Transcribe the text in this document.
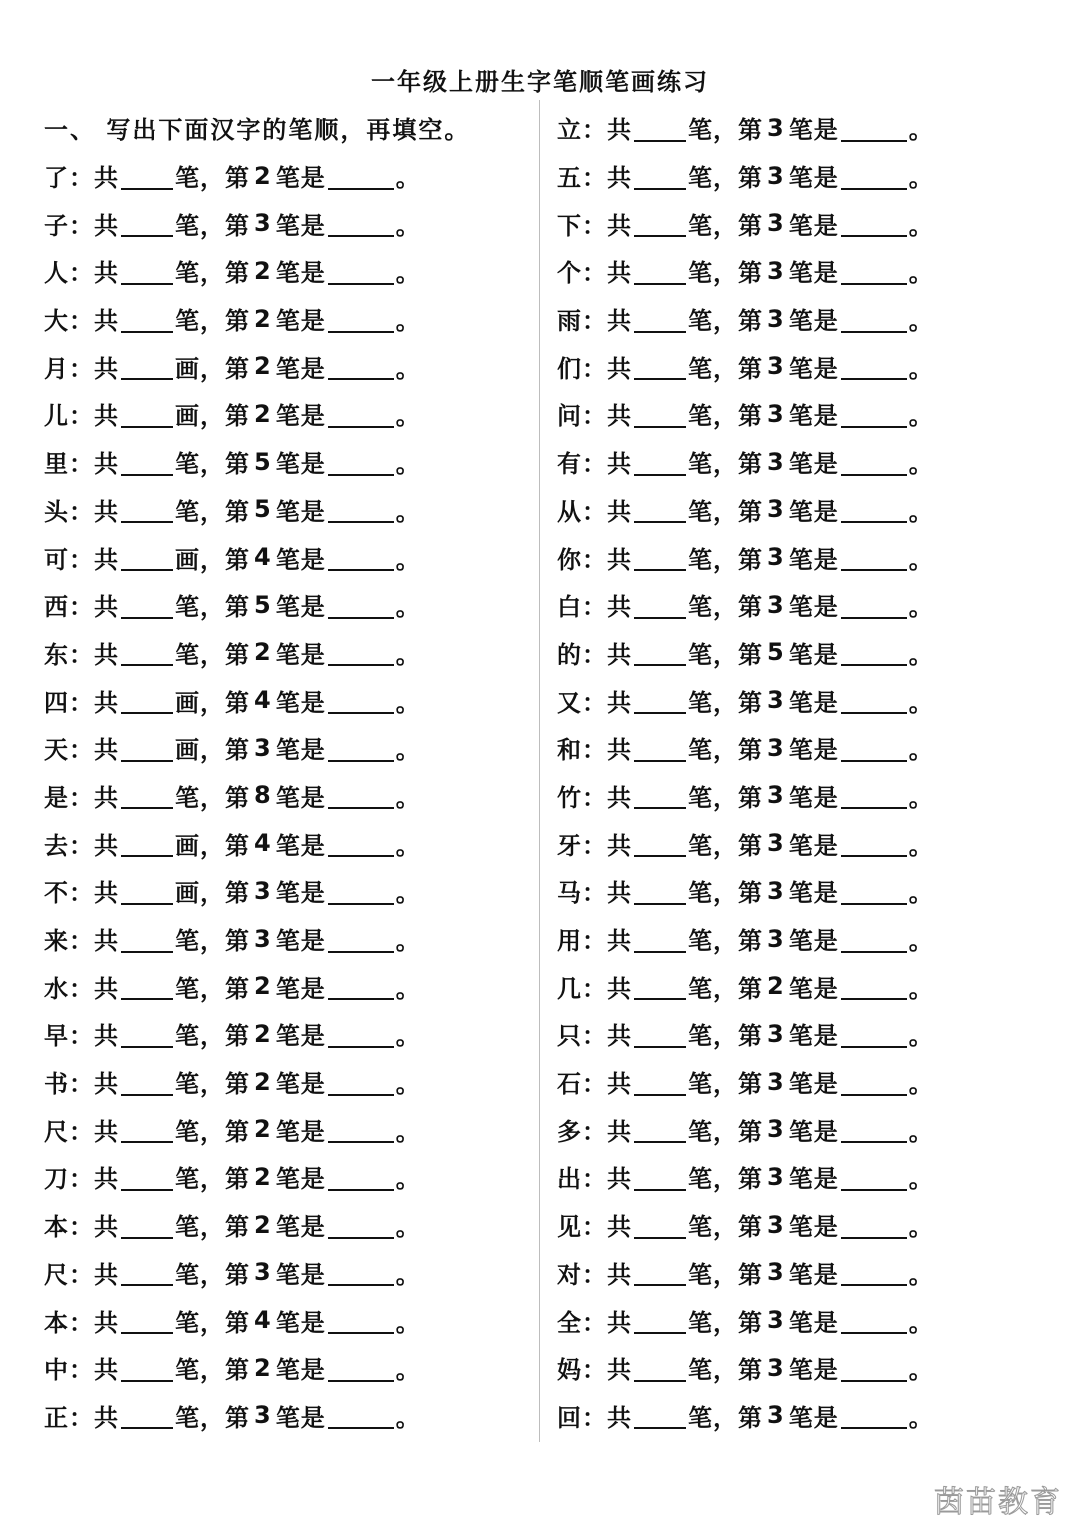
一年级上册生字笔顺笔画练习
一、 写出下面汉字的笔顺，再填空。
了 ： 共 笔 ， 第 2 笔是	。
子 ： 共 笔 ， 第 3 笔是	。
人 ： 共 笔 ， 第 2 笔是	。
大 ： 共 笔 ， 第 2 笔是	。
月 ： 共 画 ， 第 2 笔是	。
儿 ： 共 画 ， 第 2 笔是	。
里 ： 共 笔 ， 第 5 笔是	。
头 ： 共 笔 ， 第 5 笔是	。
可 ： 共 画 ， 第 4 笔是	。
西 ： 共 笔 ， 第 5 笔是	。
东 ： 共 笔 ， 第 2 笔是	。
四 ： 共 画 ， 第 4 笔是	。
天 ： 共 画 ， 第 3 笔是	。
是 ： 共 笔 ， 第 8 笔是	。
去 ： 共 画 ， 第 4 笔是	。
不 ： 共 画 ， 第 3 笔是	。
来 ： 共 笔 ， 第 3 笔是	。
水 ： 共 笔 ， 第 2 笔是	。
早 ： 共 笔 ， 第 2 笔是	。
书 ： 共 笔 ， 第 2 笔是	。
尺 ： 共 笔 ， 第 2 笔是	。
刀 ： 共 笔 ， 第 2 笔是	。
本 ： 共 笔 ， 第 2 笔是	。
尺 ： 共 笔 ， 第 3 笔是	。
本 ： 共 笔 ， 第 4 笔是	。
中 ： 共 笔 ， 第 2 笔是	。
正 ： 共 笔 ， 第 3 笔是	。
立 ： 共 笔 ， 第 3 笔是	。
五 ： 共 笔 ， 第 3 笔是	。
下 ： 共 笔 ， 第 3 笔是	。
个 ： 共 笔 ， 第 3 笔是	。
雨 ： 共 笔 ， 第 3 笔是	。
们 ： 共 笔 ， 第 3 笔是	。
问 ： 共 笔 ， 第 3 笔是	。
有 ： 共 笔 ， 第 3 笔是	。
从 ： 共 笔 ， 第 3 笔是	。
你 ： 共 笔 ， 第 3 笔是	。
白 ： 共 笔 ， 第 3 笔是	。
的 ： 共 笔 ， 第 5 笔是	。
又 ： 共 笔 ， 第 3 笔是	。
和 ： 共 笔 ， 第 3 笔是	。
竹 ： 共 笔 ， 第 3 笔是	。
牙 ： 共 笔 ， 第 3 笔是	。
马 ： 共 笔 ， 第 3 笔是	。
用 ： 共 笔 ， 第 3 笔是	。
几 ： 共 笔 ， 第 2 笔是	。
只 ： 共 笔 ， 第 3 笔是	。
石 ： 共 笔 ， 第 3 笔是	。
多 ： 共 笔 ， 第 3 笔是	。
出 ： 共 笔 ， 第 3 笔是	。
见 ： 共 笔 ， 第 3 笔是	。
对 ： 共 笔 ， 第 3 笔是	。
全 ： 共 笔 ， 第 3 笔是	。
妈 ： 共 笔 ， 第 3 笔是	。
回 ： 共 笔 ， 第 3 笔是	。
茵苗教育
